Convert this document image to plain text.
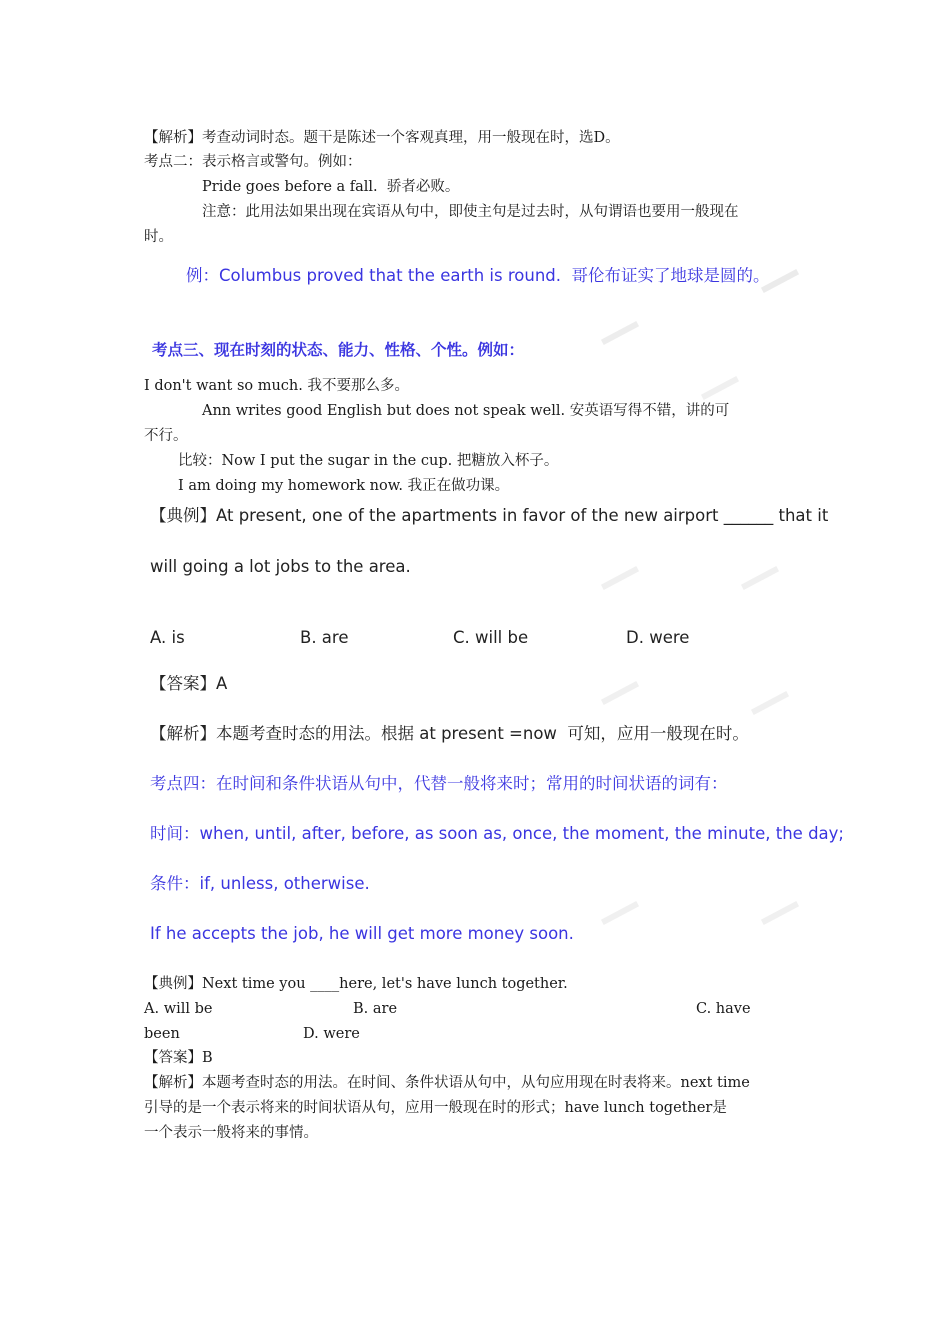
【解析】考查动词时态。题干是陈述一个客观真理，用一般现在时，选D。
考点二：表示格言或警句。例如：
Pride goes before a fall.  骄者必败。
注意：此用法如果出现在宾语从句中，即使主句是过去时，从句谓语也要用一般现在
时。
例：Columbus proved that the earth is round.  哥伦布证实了地球是圆的。
考点三、现在时刻的状态、能力、性格、个性。例如：
I don't want so much. 我不要那么多。
Ann writes good English but does not speak well. 安英语写得不错，讲的可
不行。
比较：Now I put the sugar in the cup. 把糖放入杯子。
I am doing my homework now. 我正在做功课。
【典例】At present, one of the apartments in favor of the new airport ______ that it
will going a lot jobs to the area.
A. is	B. are	C. will be	D. were
【答案】A
【解析】本题考查时态的用法。根据 at present =now  可知，应用一般现在时。
考点四：在时间和条件状语从句中，代替一般将来时；常用的时间状语的词有：
时间：when, until, after, before, as soon as, once, the moment, the minute, the day;
条件：if, unless, otherwise.
If he accepts the job, he will get more money soon.
【典例】Next time you ____here, let's have lunch together.
A. will be	B. are	C. have
been	D. were
【答案】B
【解析】本题考查时态的用法。在时间、条件状语从句中，从句应用现在时表将来。next time
引导的是一个表示将来的时间状语从句，应用一般现在时的形式；have lunch together是
一个表示一般将来的事情。
